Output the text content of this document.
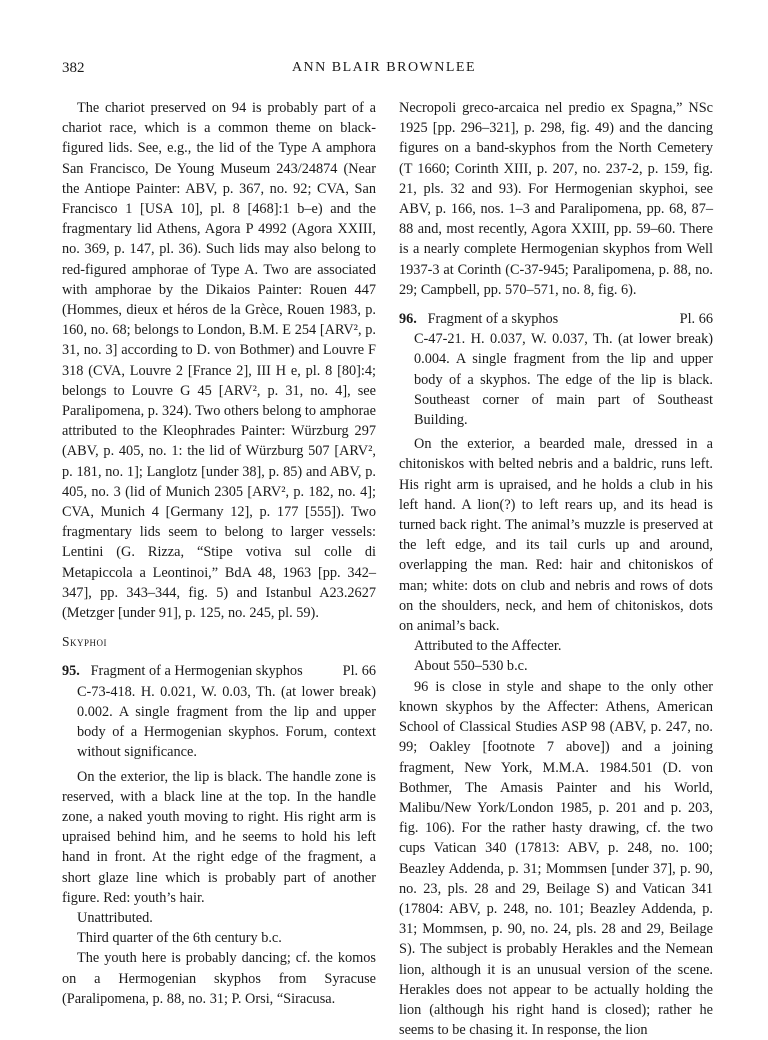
382	ANN BLAIR BROWNLEE

The chariot preserved on 94 is probably part of a chariot race, which is a common theme on black-figured lids. See, e.g., the lid of the Type A amphora San Francisco, De Young Museum 243/24874 (Near the Antiope Painter: ABV, p. 367, no. 92; CVA, San Francisco 1 [USA 10], pl. 8 [468]:1 b–e) and the fragmentary lid Athens, Agora P 4992 (Agora XXIII, no. 369, p. 147, pl. 36). Such lids may also belong to red-figured amphorae of Type A. Two are associated with amphorae by the Dikaios Painter: Rouen 447 (Hommes, dieux et héros de la Grèce, Rouen 1983, p. 160, no. 68; belongs to London, B.M. E 254 [ARV², p. 31, no. 3] according to D. von Bothmer) and Louvre F 318 (CVA, Louvre 2 [France 2], III H e, pl. 8 [80]:4; belongs to Louvre G 45 [ARV², p. 31, no. 4], see Paralipomena, p. 324). Two others belong to amphorae attributed to the Kleophrades Painter: Würzburg 297 (ABV, p. 405, no. 1: the lid of Würzburg 507 [ARV², p. 181, no. 1]; Langlotz [under 38], p. 85) and ABV, p. 405, no. 3 (lid of Munich 2305 [ARV², p. 182, no. 4]; CVA, Munich 4 [Germany 12], p. 177 [555]). Two fragmentary lids seem to belong to larger vessels: Lentini (G. Rizza, “Stipe votiva sul colle di Metapiccola a Leontinoi,” BdA 48, 1963 [pp. 342–347], pp. 343–344, fig. 5) and Istanbul A23.2627 (Metzger [under 91], p. 125, no. 245, pl. 59).

Skyphoi

95. Fragment of a Hermogenian skyphos	Pl. 66

C-73-418. H. 0.021, W. 0.03, Th. (at lower break) 0.002. A single fragment from the lip and upper body of a Hermogenian skyphos. Forum, context without significance.

On the exterior, the lip is black. The handle zone is reserved, with a black line at the top. In the handle zone, a naked youth moving to right. His right arm is upraised behind him, and he seems to hold his left hand in front. At the right edge of the fragment, a short glaze line which is probably part of another figure. Red: youth’s hair.

Unattributed.

Third quarter of the 6th century b.c.

The youth here is probably dancing; cf. the komos on a Hermogenian skyphos from Syracuse (Paralipomena, p. 88, no. 31; P. Orsi, “Siracusa.

Necropoli greco-arcaica nel predio ex Spagna,” NSc 1925 [pp. 296–321], p. 298, fig. 49) and the dancing figures on a band-skyphos from the North Cemetery (T 1660; Corinth XIII, p. 207, no. 237-2, p. 159, fig. 21, pls. 32 and 93). For Hermogenian skyphoi, see ABV, p. 166, nos. 1–3 and Paralipomena, pp. 68, 87–88 and, most recently, Agora XXIII, pp. 59–60. There is a nearly complete Hermogenian skyphos from Well 1937-3 at Corinth (C-37-945; Paralipomena, p. 88, no. 29; Campbell, pp. 570–571, no. 8, fig. 6).

96. Fragment of a skyphos	Pl. 66

C-47-21. H. 0.037, W. 0.037, Th. (at lower break) 0.004. A single fragment from the lip and upper body of a skyphos. The edge of the lip is black. Southeast corner of main part of Southeast Building.

On the exterior, a bearded male, dressed in a chitoniskos with belted nebris and a baldric, runs left. His right arm is upraised, and he holds a club in his left hand. A lion(?) to left rears up, and its head is turned back right. The animal’s muzzle is preserved at the left edge, and its tail curls up and around, overlapping the man. Red: hair and chitoniskos of man; white: dots on club and nebris and rows of dots on the shoulders, neck, and hem of chitoniskos, dots on animal’s back.

Attributed to the Affecter.

About 550–530 b.c.

96 is close in style and shape to the only other known skyphos by the Affecter: Athens, American School of Classical Studies ASP 98 (ABV, p. 247, no. 99; Oakley [footnote 7 above]) and a joining fragment, New York, M.M.A. 1984.501 (D. von Bothmer, The Amasis Painter and his World, Malibu/New York/London 1985, p. 201 and p. 203, fig. 106). For the rather hasty drawing, cf. the two cups Vatican 340 (17813: ABV, p. 248, no. 100; Beazley Addenda, p. 31; Mommsen [under 37], p. 90, no. 23, pls. 28 and 29, Beilage S) and Vatican 341 (17804: ABV, p. 248, no. 101; Beazley Addenda, p. 31; Mommsen, p. 90, no. 24, pls. 28 and 29, Beilage S). The subject is probably Herakles and the Nemean lion, although it is an unusual version of the scene. Herakles does not appear to be actually holding the lion (although his right hand is closed); rather he seems to be chasing it. In response, the lion
